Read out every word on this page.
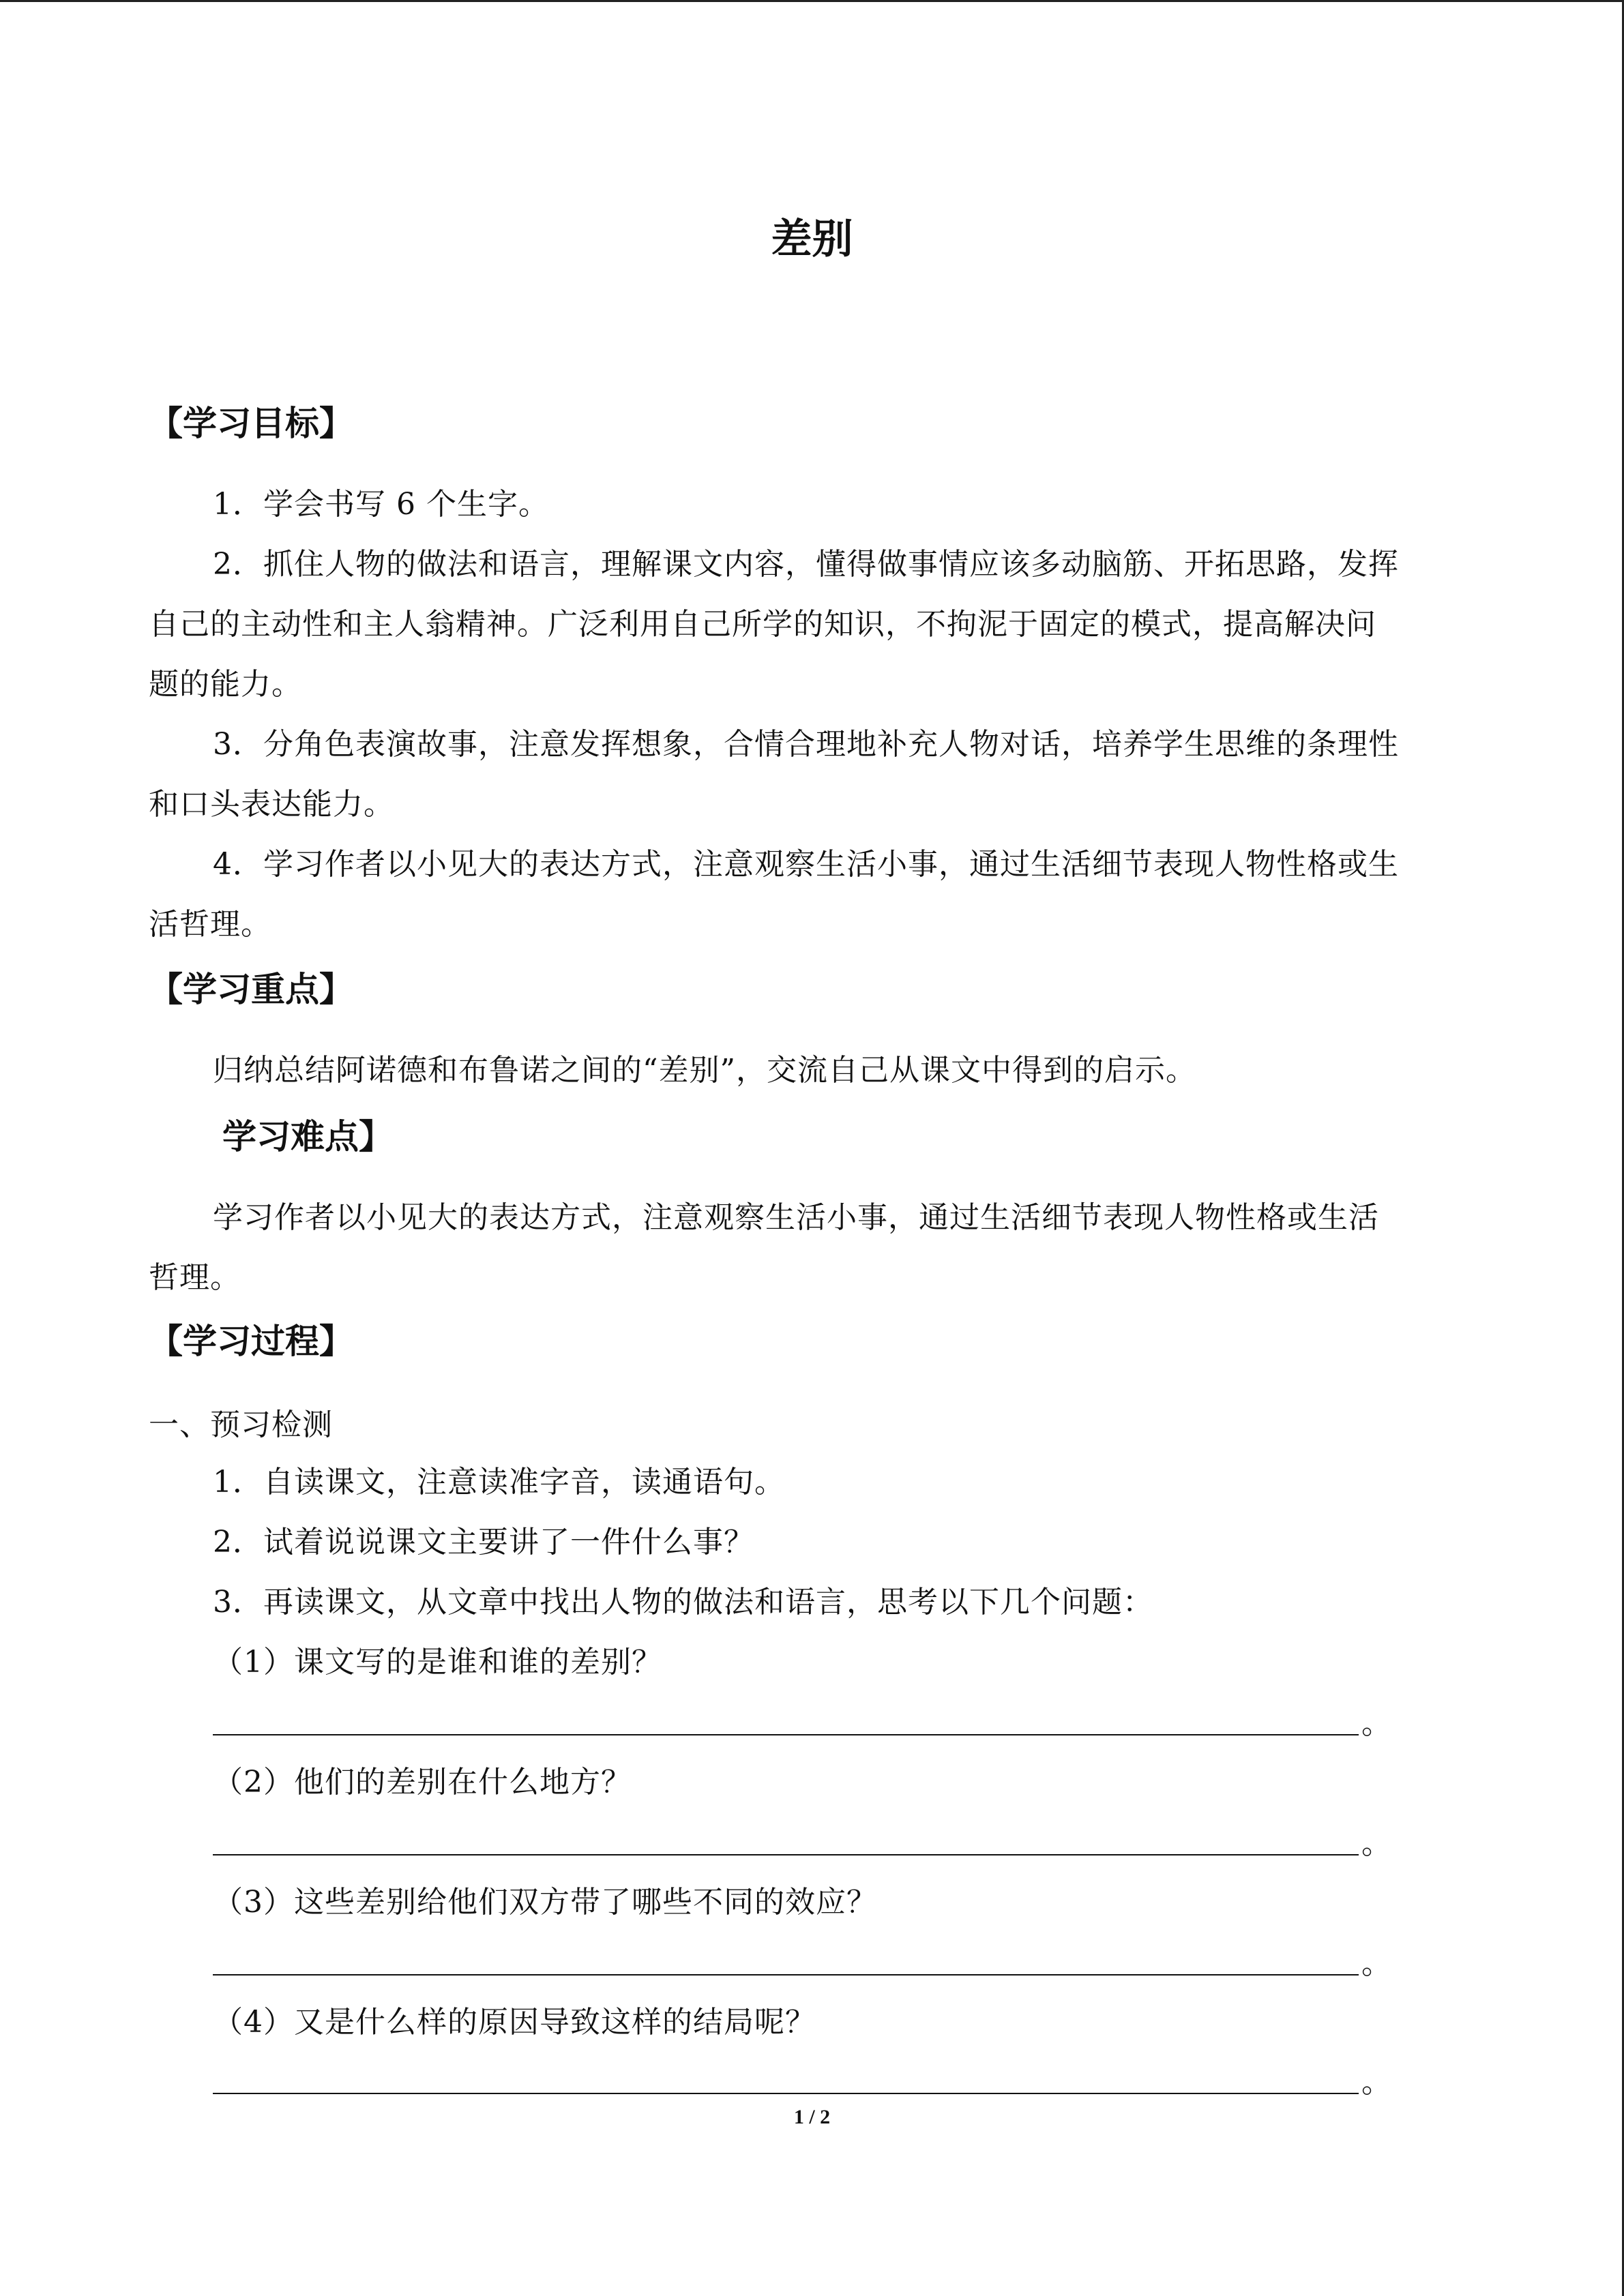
差别
【学习目标】
1．学会书写 6 个生字。
2．抓住人物的做法和语言，理解课文内容，懂得做事情应该多动脑筋、开拓思路，发挥
自己的主动性和主人翁精神。广泛利用自己所学的知识，不拘泥于固定的模式，提高解决问
题的能力。
3．分角色表演故事，注意发挥想象，合情合理地补充人物对话，培养学生思维的条理性
和口头表达能力。
4．学习作者以小见大的表达方式，注意观察生活小事，通过生活细节表现人物性格或生
活哲理。
【学习重点】
归纳总结阿诺德和布鲁诺之间的“差别”，交流自己从课文中得到的启示。
学习难点】
学习作者以小见大的表达方式，注意观察生活小事，通过生活细节表现人物性格或生活
哲理。
【学习过程】
一、预习检测
1．自读课文，注意读准字音，读通语句。
2．试着说说课文主要讲了一件什么事？
3．再读课文，从文章中找出人物的做法和语言，思考以下几个问题：
（1）课文写的是谁和谁的差别？
。
（2）他们的差别在什么地方？
。
（3）这些差别给他们双方带了哪些不同的效应？
。
（4）又是什么样的原因导致这样的结局呢？
。
1 / 2
